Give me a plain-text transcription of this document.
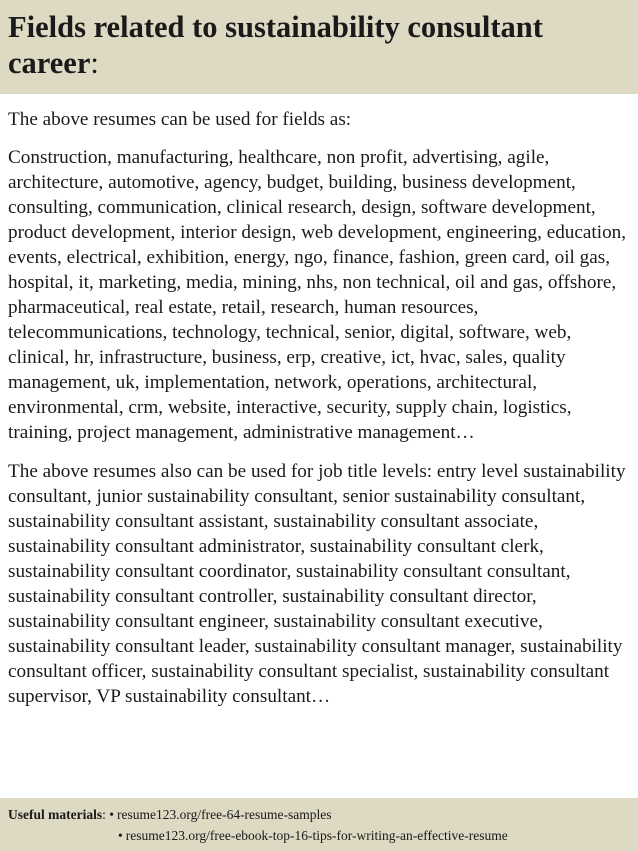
Fields related to sustainability consultant career:

The above resumes can be used for fields as:

Construction, manufacturing, healthcare, non profit, advertising, agile, architecture, automotive, agency, budget, building, business development, consulting, communication, clinical research, design, software development, product development, interior design, web development, engineering, education, events, electrical, exhibition, energy, ngo, finance, fashion, green card, oil gas, hospital, it, marketing, media, mining, nhs, non technical, oil and gas, offshore, pharmaceutical, real estate, retail, research, human resources, telecommunications, technology, technical, senior, digital, software, web, clinical, hr, infrastructure, business, erp, creative, ict, hvac, sales, quality management, uk, implementation, network, operations, architectural, environmental, crm, website, interactive, security, supply chain, logistics, training, project management, administrative management…

The above resumes also can be used for job title levels: entry level sustainability consultant, junior sustainability consultant, senior sustainability consultant, sustainability consultant assistant, sustainability consultant associate, sustainability consultant administrator, sustainability consultant clerk, sustainability consultant coordinator, sustainability consultant consultant, sustainability consultant controller, sustainability consultant director, sustainability consultant engineer, sustainability consultant executive, sustainability consultant leader, sustainability consultant manager, sustainability consultant officer, sustainability consultant specialist, sustainability consultant supervisor, VP sustainability consultant…

Useful materials: • resume123.org/free-64-resume-samples
• resume123.org/free-ebook-top-16-tips-for-writing-an-effective-resume
